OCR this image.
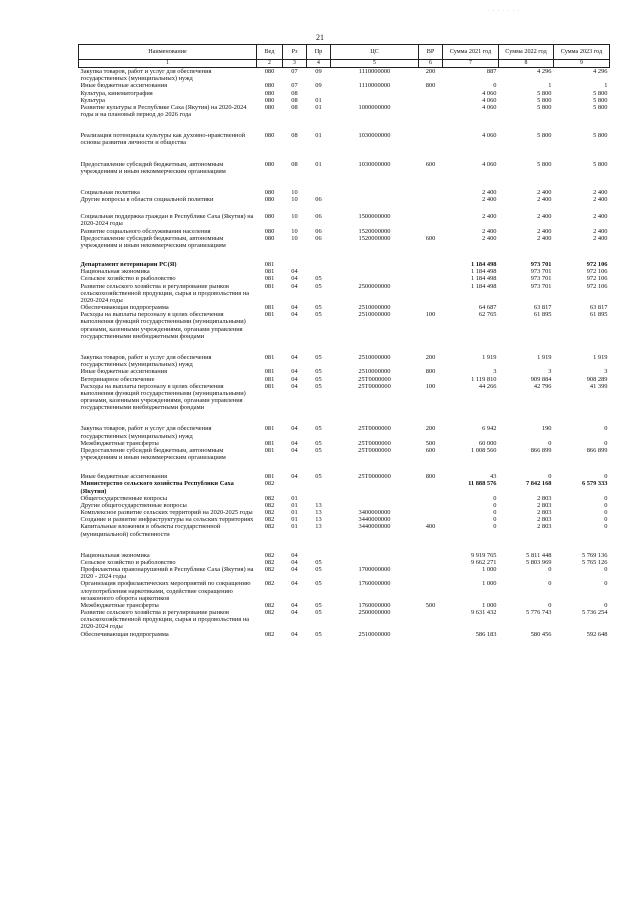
· · · · · · ·
21
Наименование	Вед	Рз	Пр	ЦС	ВР	Сумма 2021 год	Сумма 2022 год	Сумма 2023 год
1	2	3	4	5	6	7	8	9
Закупка товаров, работ и услуг для обеспечения государственных (муниципальных) нужд	080	07	09	1110000000	200	887	4 296	4 296
Иные бюджетные ассигнования	080	07	09	1110000000	800	0	1	1
Культура, кинематография	080	08				4 060	5 800	5 800
Культура	080	08	01			4 060	5 800	5 800
Развитие культуры в Республике Саха (Якутия) на 2020-2024 годы и на плановый период до 2026 года	080	08	01	1000000000		4 060	5 800	5 800
Реализация потенциала культуры как духовно-нравственной основы развития личности и общества	080	08	01	1030000000		4 060	5 800	5 800
Предоставление субсидий бюджетным, автономным учреждениям и иным некоммерческим организациям	080	08	01	1030000000	600	4 060	5 800	5 800
Социальная политика	080	10				2 400	2 400	2 400
Другие вопросы в области социальной политики	080	10	06			2 400	2 400	2 400
Социальная поддержка граждан в Республике Саха (Якутия) на 2020-2024 годы	080	10	06	1500000000		2 400	2 400	2 400
Развитие социального обслуживания населения	080	10	06	1520000000		2 400	2 400	2 400
Предоставление субсидий бюджетным, автономным учреждениям и иным некоммерческим организациям	080	10	06	1520000000	600	2 400	2 400	2 400
Департамент ветеринарии РС(Я)	081					1 184 498	973 701	972 106
Национальная экономика	081	04				1 184 498	973 701	972 106
Сельское хозяйство и рыболовство	081	04	05			1 184 498	973 701	972 106
Развитие сельского хозяйства и регулирование рынков сельскохозяйственной продукции, сырья и продовольствия на 2020-2024 годы	081	04	05	2500000000		1 184 498	973 701	972 106
Обеспечивающая подпрограмма	081	04	05	2510000000		64 687	63 817	63 817
Расходы на выплаты персоналу в целях обеспечения выполнения функций государственными (муниципальными) органами, казенными учреждениями, органами управления государственными внебюджетными фондами	081	04	05	2510000000	100	62 765	61 895	61 895
Закупка товаров, работ и услуг для обеспечения государственных (муниципальных) нужд	081	04	05	2510000000	200	1 919	1 919	1 919
Иные бюджетные ассигнования	081	04	05	2510000000	800	3	3	3
Ветеринарное обеспечение	081	04	05	25Т0000000		1 119 810	909 884	908 289
Расходы на выплаты персоналу в целях обеспечения выполнения функций государственными (муниципальными) органами, казенными учреждениями, органами управления государственными внебюджетными фондами	081	04	05	25Т0000000	100	44 266	42 796	41 399
Закупка товаров, работ и услуг для обеспечения государственных (муниципальных) нужд	081	04	05	25Т0000000	200	6 942	190	0
Межбюджетные трансферты	081	04	05	25Т0000000	500	60 000	0	0
Предоставление субсидий бюджетным, автономным учреждениям и иным некоммерческим организациям	081	04	05	25Т0000000	600	1 008 560	866 899	866 899
Иные бюджетные ассигнования	081	04	05	25Т0000000	800	43	0	0
Министерство сельского хозяйства Республики Саха (Якутия)	082					11 888 576	7 842 168	6 579 333
Общегосударственные вопросы	082	01				0	2 803	0
Другие общегосударственные вопросы	082	01	13			0	2 803	0
Комплексное развитие сельских территорий на 2020-2025 годы	082	01	13	3400000000		0	2 803	0
Создание и развитие инфраструктуры на сельских территориях	082	01	13	3440000000		0	2 803	0
Капитальные вложения в объекты государственной (муниципальной) собственности	082	01	13	3440000000	400	0	2 803	0
Национальная экономика	082	04				9 919 765	5 811 448	5 769 136
Сельское хозяйство и рыболовство	082	04	05			9 662 271	5 803 969	5 765 126
Профилактика правонарушений в Республике Саха (Якутия) на 2020 - 2024 годы	082	04	05	1700000000		1 000	0	0
Организация профилактических мероприятий по сокращению злоупотребления наркотиками, содействие сокращению незаконного оборота наркотиков	082	04	05	1760000000		1 000	0	0
Межбюджетные трансферты	082	04	05	1760000000	500	1 000	0	0
Развитие сельского хозяйства и регулирование рынков сельскохозяйственной продукции, сырья и продовольствия на 2020-2024 годы	082	04	05	2500000000		9 631 432	5 776 743	5 736 254
Обеспечивающая подпрограмма	082	04	05	2510000000		586 183	580 456	592 648
